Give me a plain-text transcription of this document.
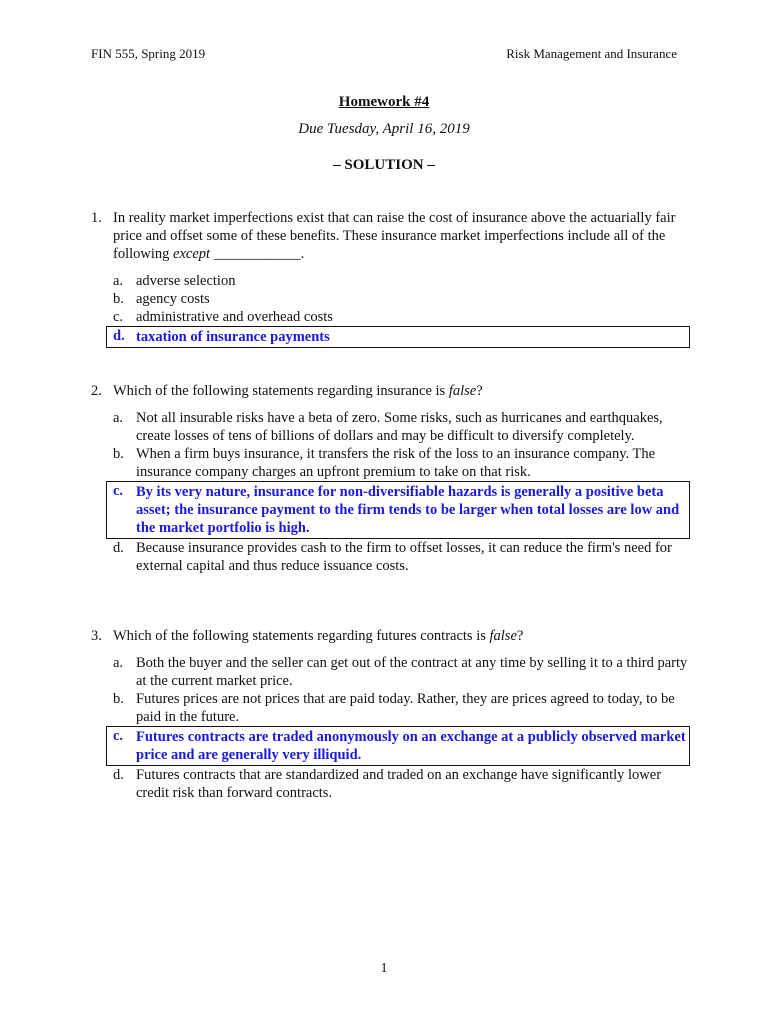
FIN 555, Spring 2019	Risk Management and Insurance
Homework #4
Due Tuesday, April 16, 2019
– SOLUTION –
1. In reality market imperfections exist that can raise the cost of insurance above the actuarially fair price and offset some of these benefits. These insurance market imperfections include all of the following except ____________.
a. adverse selection
b. agency costs
c. administrative and overhead costs
d. taxation of insurance payments
2. Which of the following statements regarding insurance is false?
a. Not all insurable risks have a beta of zero. Some risks, such as hurricanes and earthquakes, create losses of tens of billions of dollars and may be difficult to diversify completely.
b. When a firm buys insurance, it transfers the risk of the loss to an insurance company. The insurance company charges an upfront premium to take on that risk.
c. By its very nature, insurance for non-diversifiable hazards is generally a positive beta asset; the insurance payment to the firm tends to be larger when total losses are low and the market portfolio is high.
d. Because insurance provides cash to the firm to offset losses, it can reduce the firm's need for external capital and thus reduce issuance costs.
3. Which of the following statements regarding futures contracts is false?
a. Both the buyer and the seller can get out of the contract at any time by selling it to a third party at the current market price.
b. Futures prices are not prices that are paid today. Rather, they are prices agreed to today, to be paid in the future.
c. Futures contracts are traded anonymously on an exchange at a publicly observed market price and are generally very illiquid.
d. Futures contracts that are standardized and traded on an exchange have significantly lower credit risk than forward contracts.
1
